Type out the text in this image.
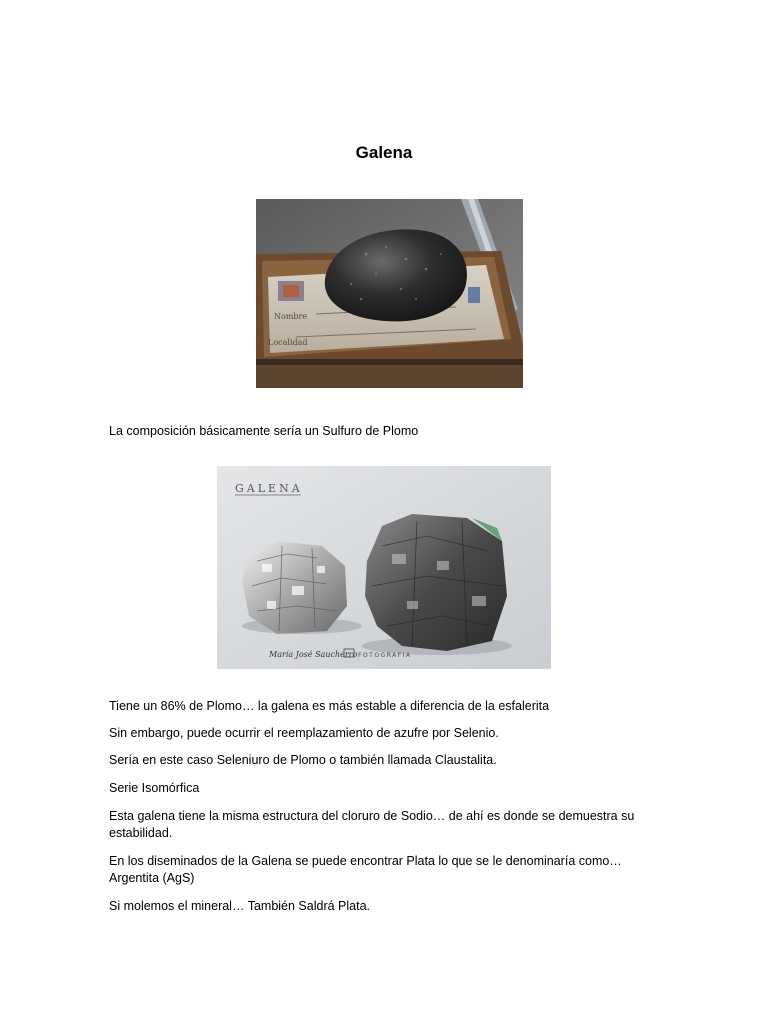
Galena
Nombre
Localidad

La composición básicamente sería un Sulfuro de Plomo

GALENA
María José Saucherro FOTOGRAFIA

Tiene un 86% de Plomo… la galena es más estable a diferencia de la esfalerita

Sin embargo, puede ocurrir el reemplazamiento de azufre por Selenio.

Sería en este caso Seleniuro de Plomo o también llamada Claustalita.

Serie Isomórfica

Esta galena tiene la misma estructura del cloruro de Sodio… de ahí es donde se demuestra su estabilidad.

En los diseminados de la Galena se puede encontrar Plata lo que se le denominaría como… Argentita (AgS)

Si molemos el mineral… También Saldrá Plata.
